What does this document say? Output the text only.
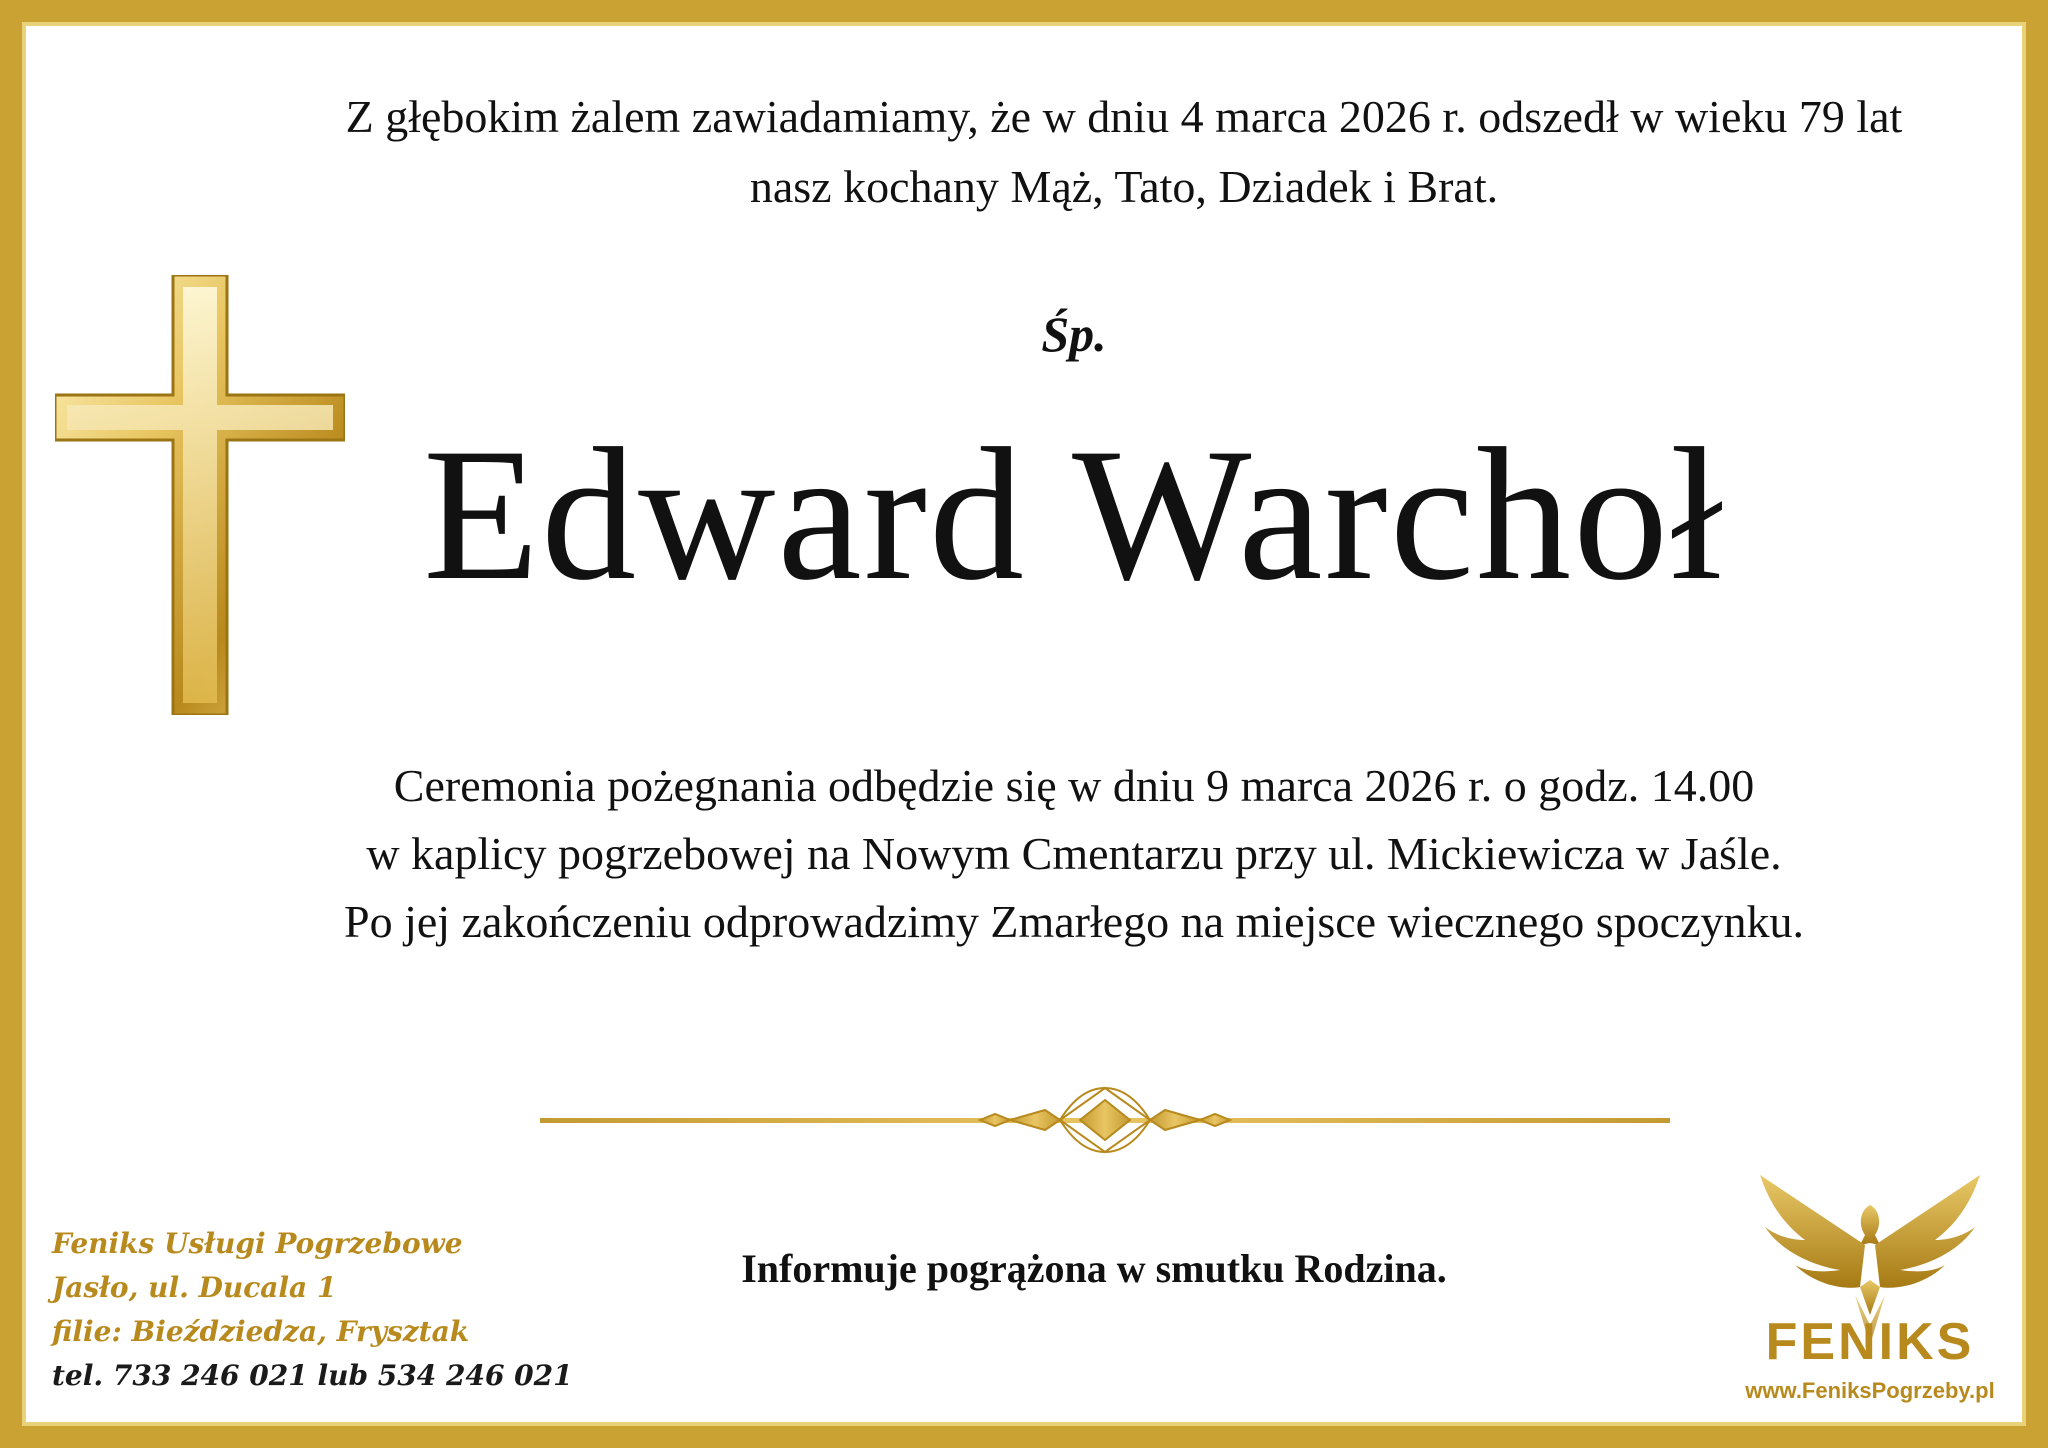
Z głębokim żalem zawiadamiamy, że w dniu 4 marca 2026 r. odszedł w wieku 79 lat
nasz kochany Mąż, Tato, Dziadek i Brat.
Śp.
Edward Warchoł
Ceremonia pożegnania odbędzie się w dniu 9 marca 2026 r. o godz. 14.00
w kaplicy pogrzebowej na Nowym Cmentarzu przy ul. Mickiewicza w Jaśle.
Po jej zakończeniu odprowadzimy Zmarłego na miejsce wiecznego spoczynku.
Informuje pogrążona w smutku Rodzina.
Feniks Usługi Pogrzebowe
Jasło, ul. Ducala 1
filie: Bieździedza, Frysztak
tel. 733 246 021 lub 534 246 021
FENIKS
www.FeniksPogrzeby.pl
